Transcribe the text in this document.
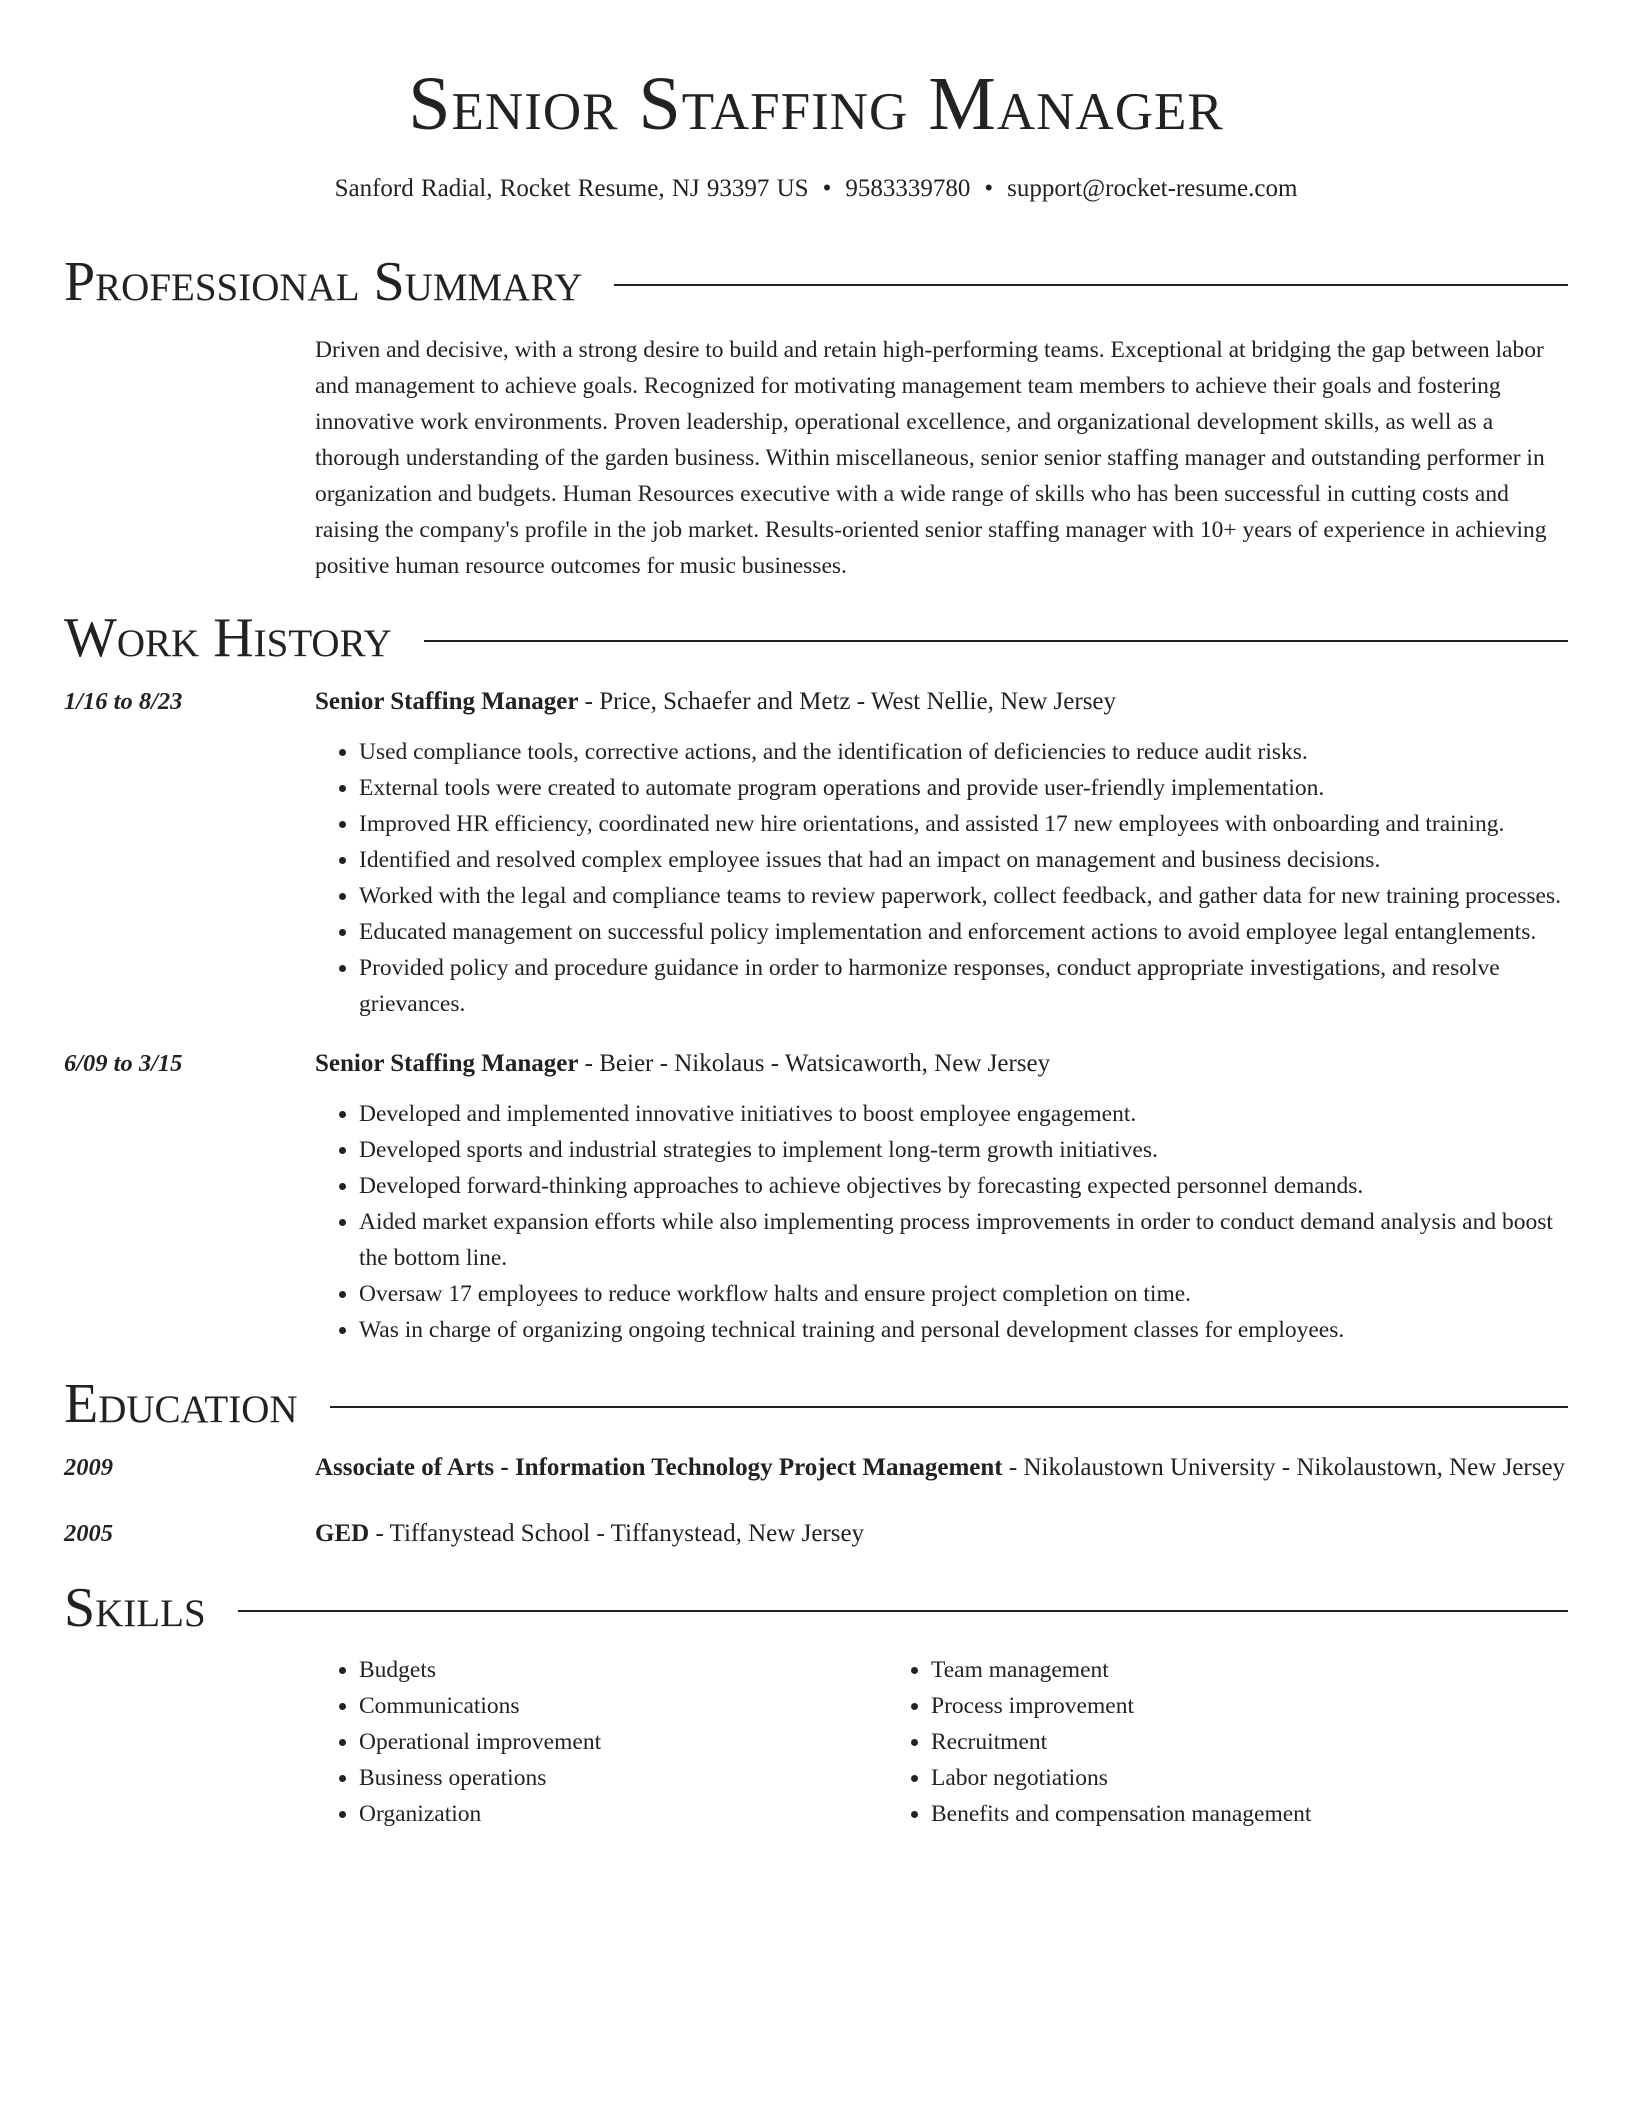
Senior Staffing Manager
Sanford Radial, Rocket Resume, NJ 93397 US • 9583339780 • support@rocket-resume.com
Professional Summary
Driven and decisive, with a strong desire to build and retain high-performing teams. Exceptional at bridging the gap between labor and management to achieve goals. Recognized for motivating management team members to achieve their goals and fostering innovative work environments. Proven leadership, operational excellence, and organizational development skills, as well as a thorough understanding of the garden business. Within miscellaneous, senior senior staffing manager and outstanding performer in organization and budgets. Human Resources executive with a wide range of skills who has been successful in cutting costs and raising the company's profile in the job market. Results-oriented senior staffing manager with 10+ years of experience in achieving positive human resource outcomes for music businesses.
Work History
1/16 to 8/23	Senior Staffing Manager - Price, Schaefer and Metz - West Nellie, New Jersey
• Used compliance tools, corrective actions, and the identification of deficiencies to reduce audit risks.
• External tools were created to automate program operations and provide user-friendly implementation.
• Improved HR efficiency, coordinated new hire orientations, and assisted 17 new employees with onboarding and training.
• Identified and resolved complex employee issues that had an impact on management and business decisions.
• Worked with the legal and compliance teams to review paperwork, collect feedback, and gather data for new training processes.
• Educated management on successful policy implementation and enforcement actions to avoid employee legal entanglements.
• Provided policy and procedure guidance in order to harmonize responses, conduct appropriate investigations, and resolve grievances.
6/09 to 3/15	Senior Staffing Manager - Beier - Nikolaus - Watsicaworth, New Jersey
• Developed and implemented innovative initiatives to boost employee engagement.
• Developed sports and industrial strategies to implement long-term growth initiatives.
• Developed forward-thinking approaches to achieve objectives by forecasting expected personnel demands.
• Aided market expansion efforts while also implementing process improvements in order to conduct demand analysis and boost the bottom line.
• Oversaw 17 employees to reduce workflow halts and ensure project completion on time.
• Was in charge of organizing ongoing technical training and personal development classes for employees.
Education
2009	Associate of Arts - Information Technology Project Management - Nikolaustown University - Nikolaustown, New Jersey
2005	GED - Tiffanystead School - Tiffanystead, New Jersey
Skills
• Budgets
• Communications
• Operational improvement
• Business operations
• Organization
• Team management
• Process improvement
• Recruitment
• Labor negotiations
• Benefits and compensation management
